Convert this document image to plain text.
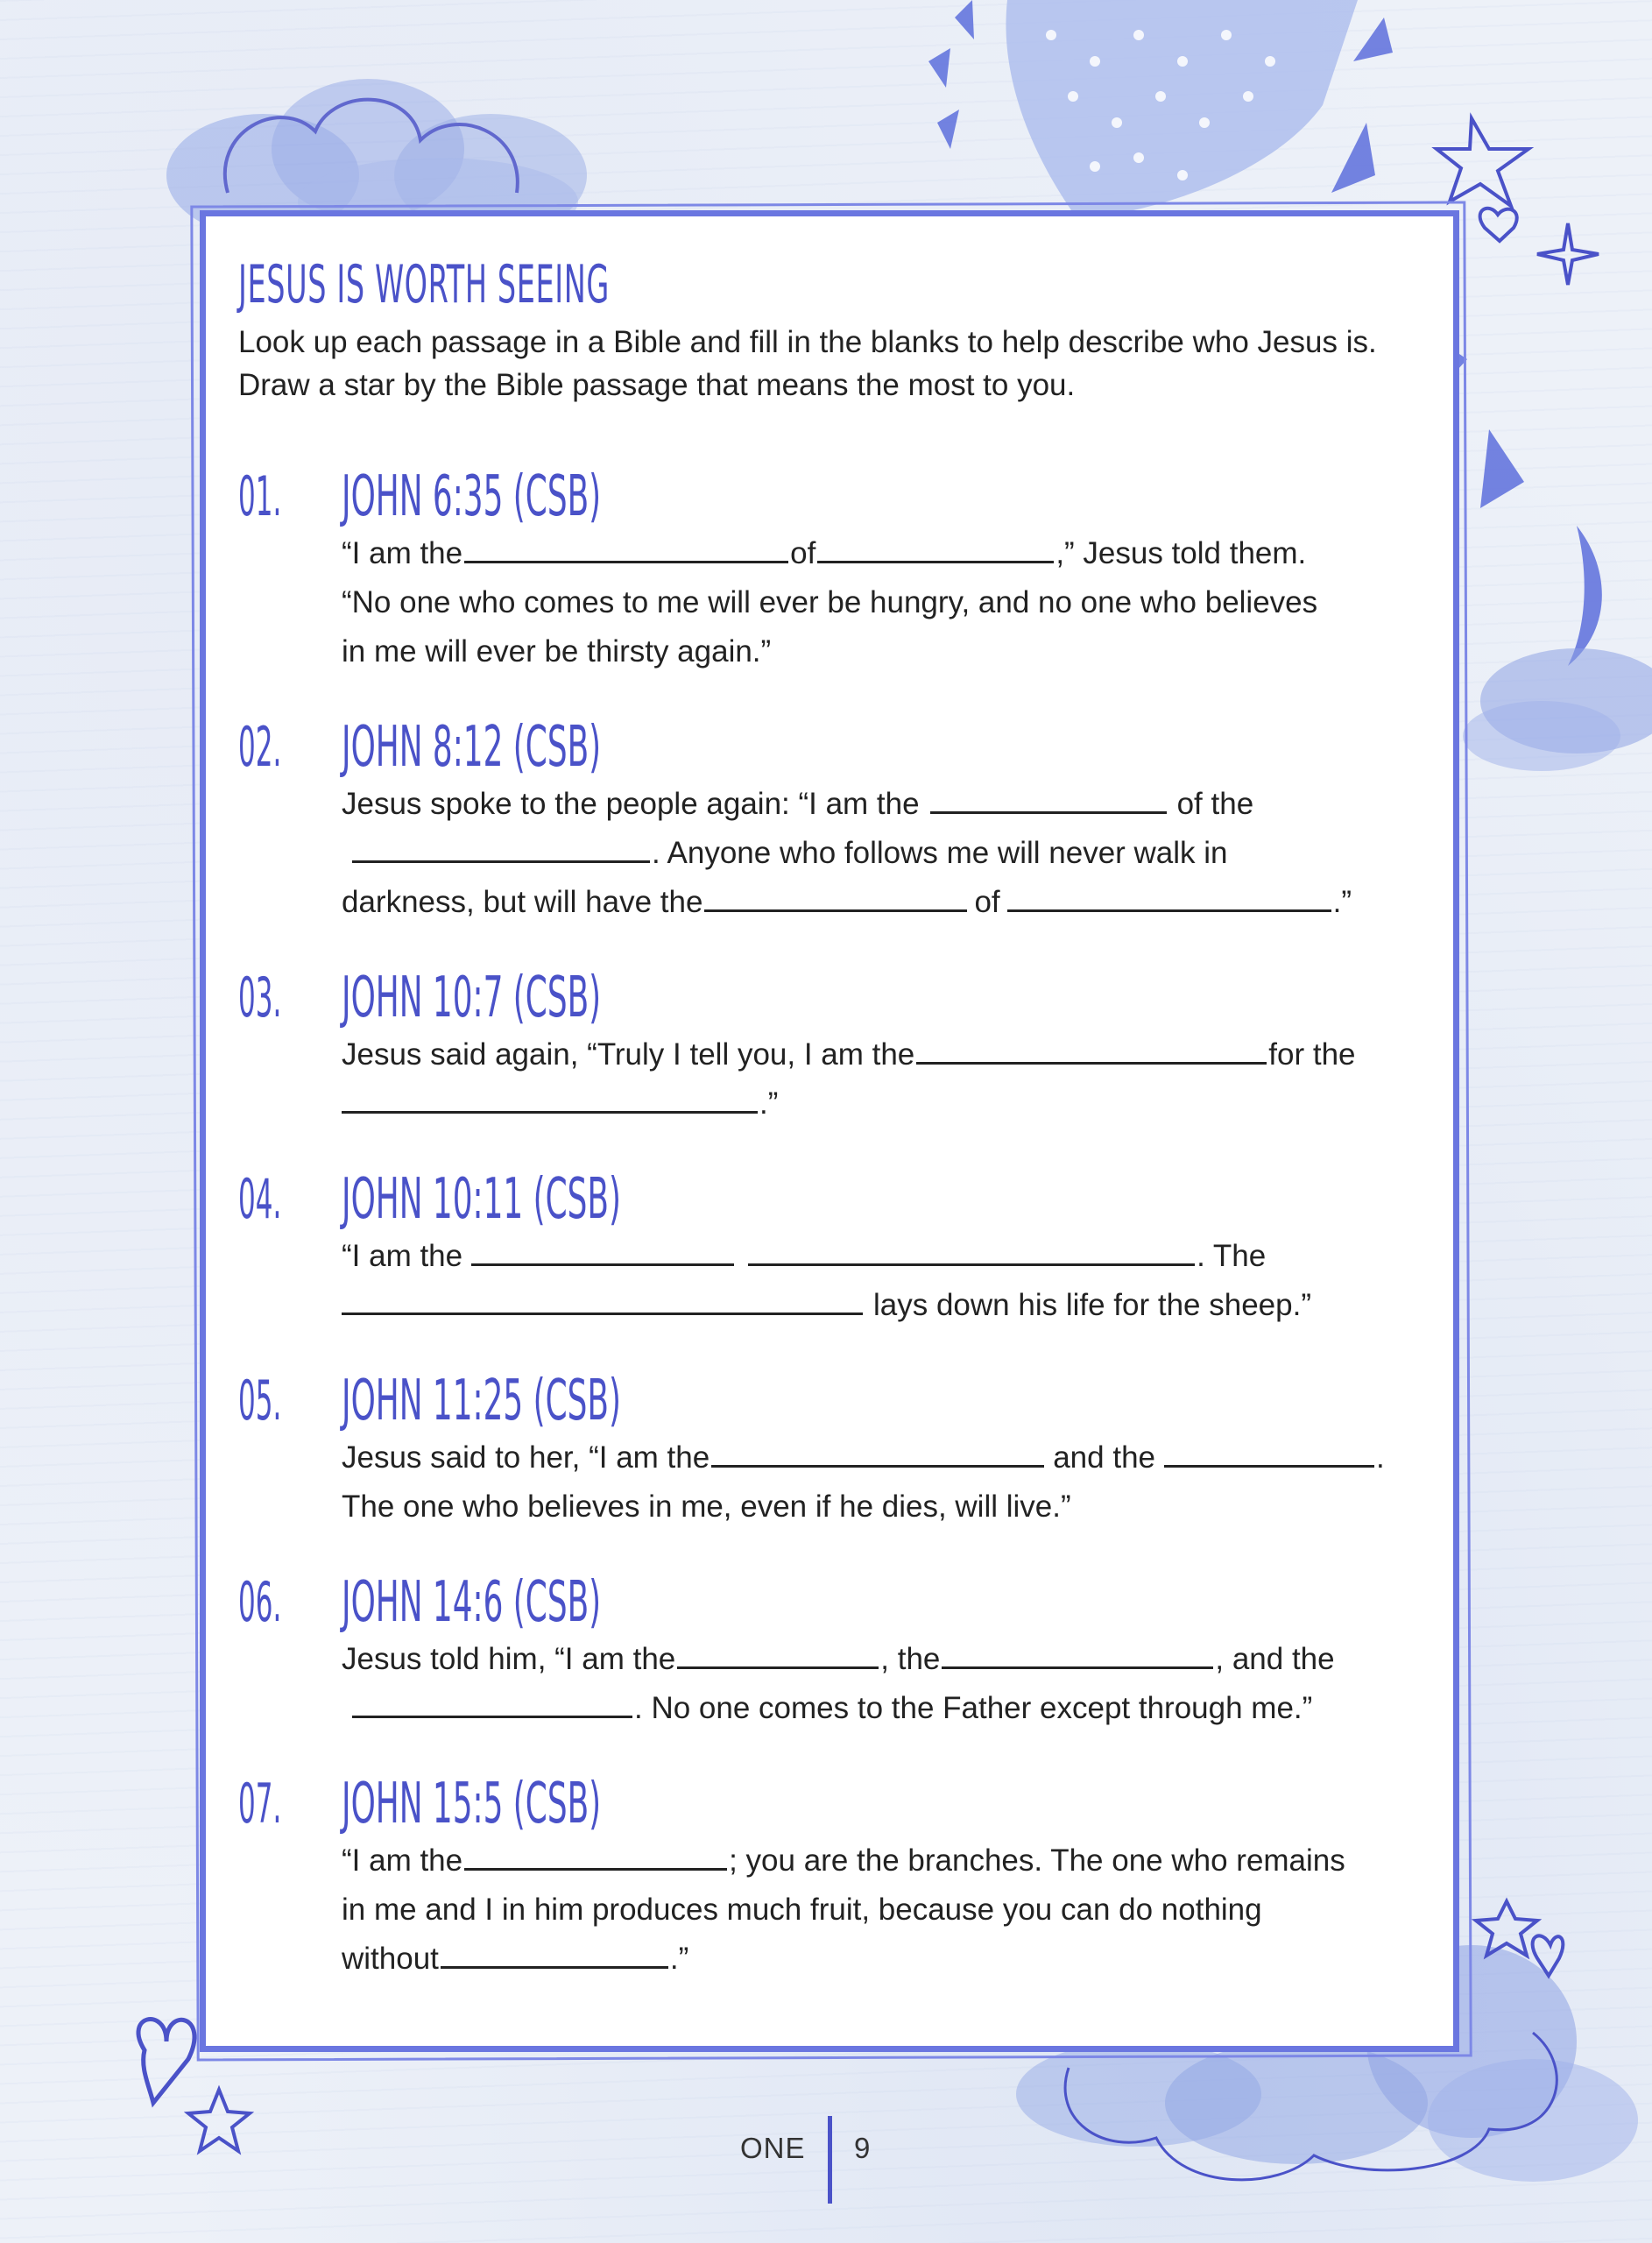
JESUS IS WORTH SEEING
Look up each passage in a Bible and fill in the blanks to help describe who Jesus is. Draw a star by the Bible passage that means the most to you.
01. JOHN 6:35 (CSB)
“I am the	of	,” Jesus told them.
“No one who comes to me will ever be hungry, and no one who believes
in me will ever be thirsty again.”
02. JOHN 8:12 (CSB)
Jesus spoke to the people again: “I am the	of the
. Anyone who follows me will never walk in
darkness, but will have the	of	.”
03. JOHN 10:7 (CSB)
Jesus said again, “Truly I tell you, I am the	for the
.”
04. JOHN 10:11 (CSB)
“I am the	. The
lays down his life for the sheep.”
05. JOHN 11:25 (CSB)
Jesus said to her, “I am the	and the	.
The one who believes in me, even if he dies, will live.”
06. JOHN 14:6 (CSB)
Jesus told him, “I am the	, the	, and the
. No one comes to the Father except through me.”
07. JOHN 15:5 (CSB)
“I am the	; you are the branches. The one who remains
in me and I in him produces much fruit, because you can do nothing
without	.”
ONE 9
